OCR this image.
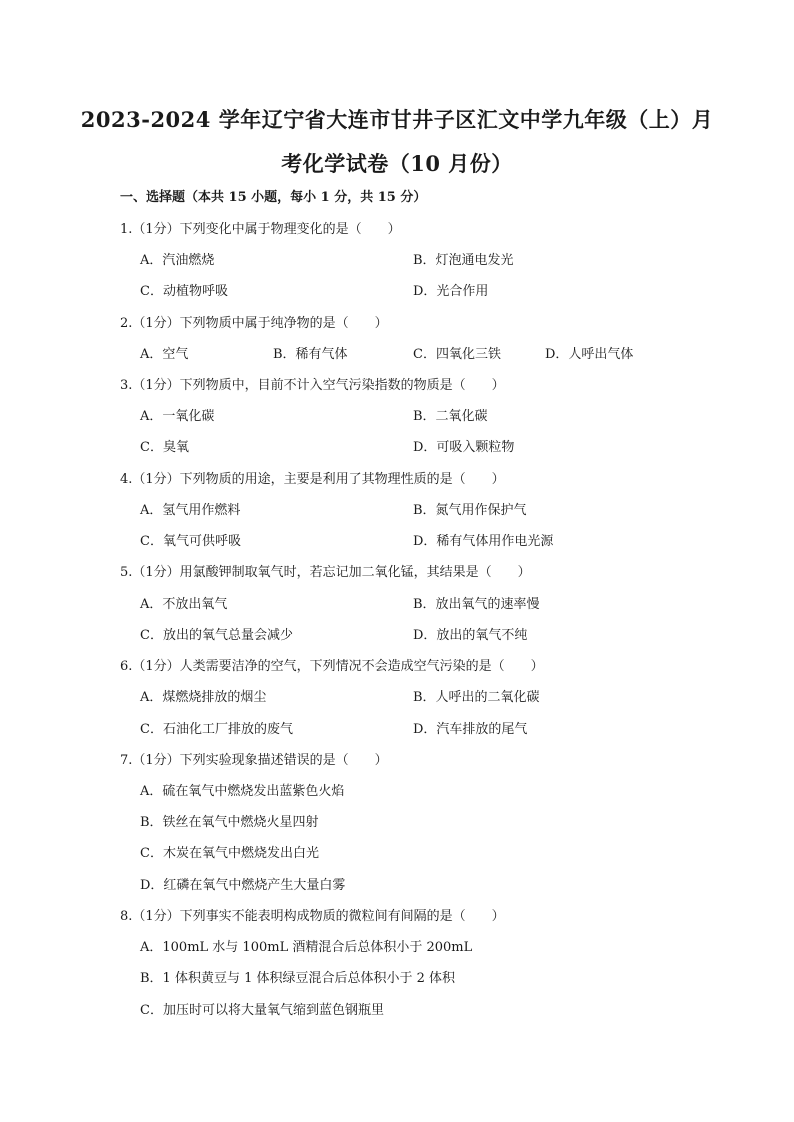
2023-2024 学年辽宁省大连市甘井子区汇文中学九年级（上）月
考化学试卷（10 月份）
一、选择题（本共 15 小题，每小 1 分，共 15 分）
1.（1分）下列变化中属于物理变化的是（　　）
A．汽油燃烧	B．灯泡通电发光
C．动植物呼吸	D．光合作用
2.（1分）下列物质中属于纯净物的是（　　）
A．空气	B．稀有气体	C．四氧化三铁	D．人呼出气体
3.（1分）下列物质中，目前不计入空气污染指数的物质是（　　）
A．一氧化碳	B．二氧化碳
C．臭氧	D．可吸入颗粒物
4.（1分）下列物质的用途，主要是利用了其物理性质的是（　　）
A．氢气用作燃料	B．氮气用作保护气
C．氧气可供呼吸	D．稀有气体用作电光源
5.（1分）用氯酸钾制取氧气时，若忘记加二氧化锰，其结果是（　　）
A．不放出氧气	B．放出氧气的速率慢
C．放出的氧气总量会减少	D．放出的氧气不纯
6.（1分）人类需要洁净的空气，下列情况不会造成空气污染的是（　　）
A．煤燃烧排放的烟尘	B．人呼出的二氧化碳
C．石油化工厂排放的废气	D．汽车排放的尾气
7.（1分）下列实验现象描述错误的是（　　）
A．硫在氧气中燃烧发出蓝紫色火焰
B．铁丝在氧气中燃烧火星四射
C．木炭在氧气中燃烧发出白光
D．红磷在氧气中燃烧产生大量白雾
8.（1分）下列事实不能表明构成物质的微粒间有间隔的是（　　）
A．100mL 水与 100mL 酒精混合后总体积小于 200mL
B．1 体积黄豆与 1 体积绿豆混合后总体积小于 2 体积
C．加压时可以将大量氧气缩到蓝色钢瓶里
